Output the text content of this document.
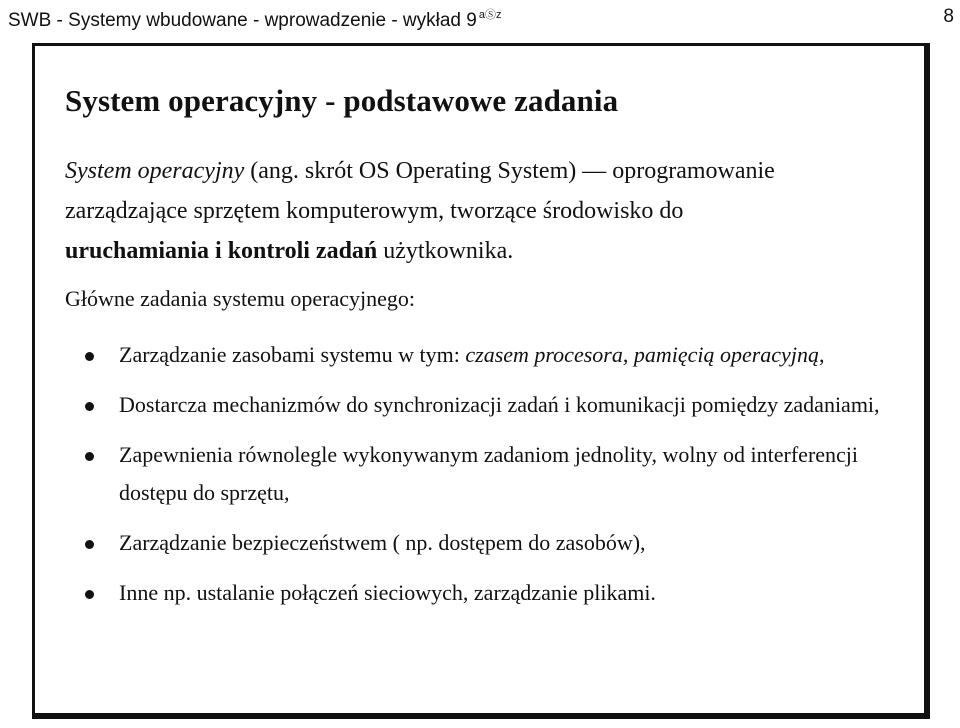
SWB - Systemy wbudowane - wprowadzenie - wykład 9 $^{aⓈz}$	8
System operacyjny - podstawowe zadania
System operacyjny (ang. skrót OS Operating System) — oprogramowanie
zarządzające sprzętem komputerowym, tworzące środowisko do
uruchamiania i kontroli zadań użytkownika.
Główne zadania systemu operacyjnego:
Zarządzanie zasobami systemu w tym: czasem procesora, pamięcią operacyjną,
Dostarcza mechanizmów do synchronizacji zadań i komunikacji pomiędzy zadaniami,
Zapewnienia równolegle wykonywanym zadaniom jednolity, wolny od interferencji dostępu do sprzętu,
Zarządzanie bezpieczeństwem ( np. dostępem do zasobów),
Inne np. ustalanie połączeń sieciowych, zarządzanie plikami.
